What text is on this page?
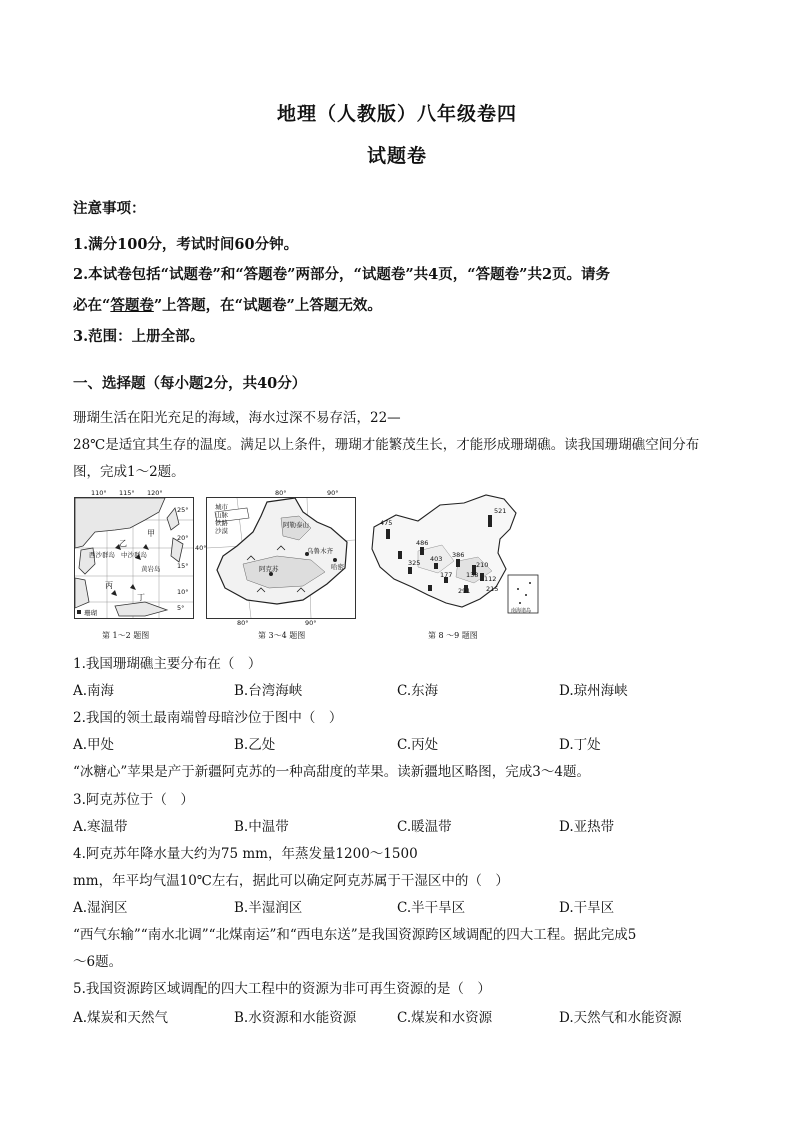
地理（人教版）八年级卷四
试题卷
注意事项：
1.满分100分，考试时间60分钟。
2.本试卷包括“试题卷”和“答题卷”两部分，“试题卷”共4页，“答题卷”共2页。请务
必在“答题卷”上答题，在“试题卷”上答题无效。
3.范围：上册全部。
一、选择题（每小题2分，共40分）
珊瑚生活在阳光充足的海域，海水过深不易存活，22—
28℃是适宜其生存的温度。满足以上条件，珊瑚才能繁茂生长，才能形成珊瑚礁。读我国珊瑚礁空间分布
图，完成1～2题。
110° 115° 120°
25°
20°
15°
10°
5°
甲
西沙群岛
乙
中沙群岛
丙
黄岩岛
丁
珊瑚
第 1～2 题图
城市
山脉
铁路
沙漠
80°	90°
80°	90°
40°
阿勒泰山
乌鲁木齐
哈密
阿克苏
第 3～4 题图
475
486
403 386
325	210
138
177	112
291 215
521
南海诸岛
第 8 ～9 题图
1.我国珊瑚礁主要分布在（　）
A.南海	B.台湾海峡	C.东海	D.琼州海峡
2.我国的领土最南端曾母暗沙位于图中（　）
A.甲处	B.乙处	C.丙处	D.丁处
“冰糖心”苹果是产于新疆阿克苏的一种高甜度的苹果。读新疆地区略图，完成3～4题。
3.阿克苏位于（　）
A.寒温带	B.中温带	C.暖温带	D.亚热带
4.阿克苏年降水量大约为75 mm，年蒸发量1200～1500
mm，年平均气温10℃左右，据此可以确定阿克苏属于干湿区中的（　）
A.湿润区	B.半湿润区	C.半干旱区	D.干旱区
“西气东输”“南水北调”“北煤南运”和“西电东送”是我国资源跨区域调配的四大工程。据此完成5
～6题。
5.我国资源跨区域调配的四大工程中的资源为非可再生资源的是（　）
A.煤炭和天然气	B.水资源和水能资源	C.煤炭和水资源	D.天然气和水能资源
